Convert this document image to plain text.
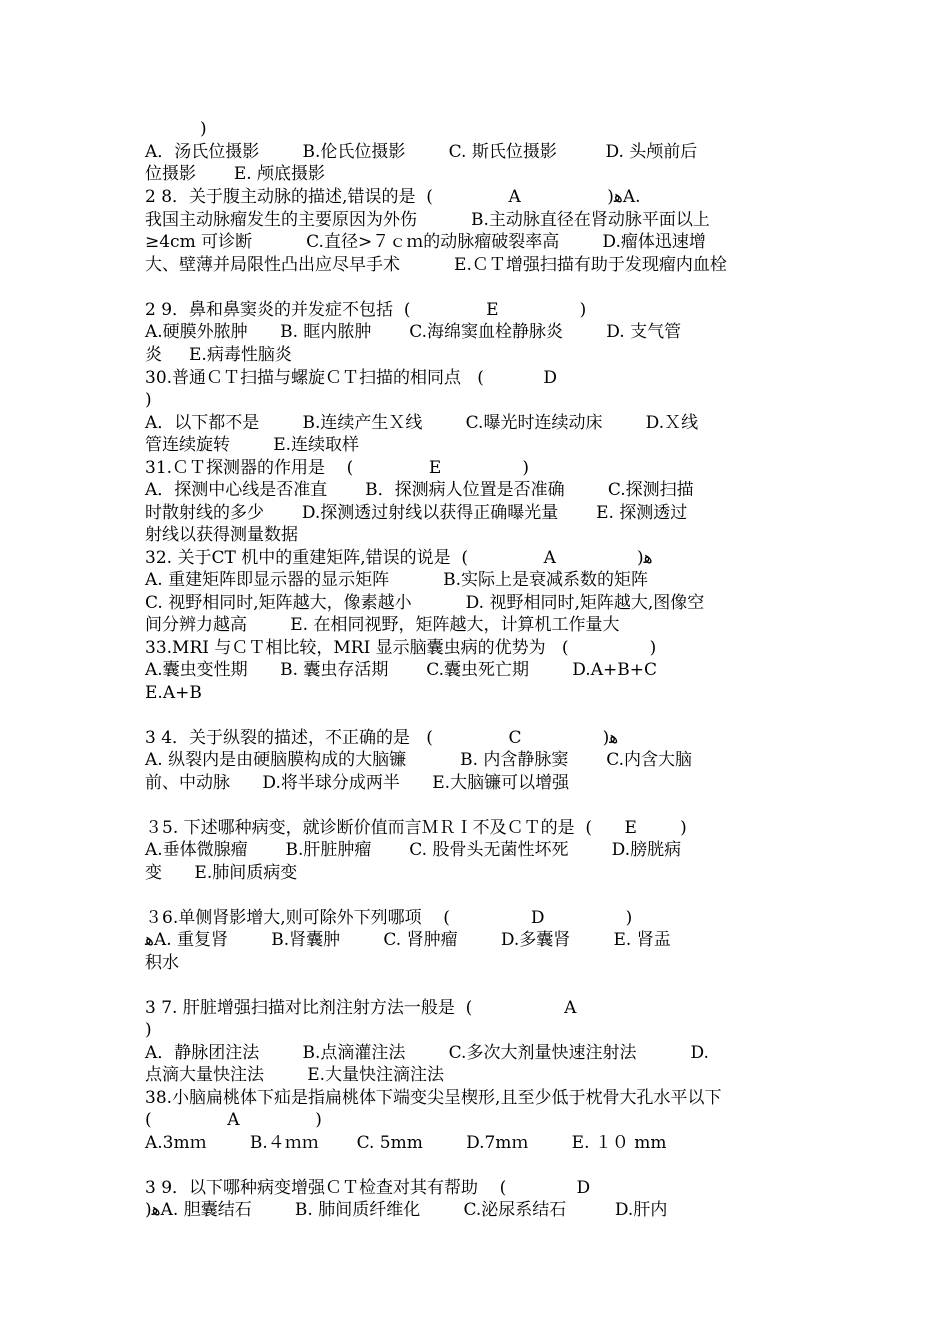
)
A．汤氏位摄影        B.伦氏位摄影        C. 斯氏位摄影         D. 头颅前后
位摄影       E. 颅底摄影
2 8．关于腹主动脉的描述,错误的是  (              A                )ﻫA.
我国主动脉瘤发生的主要原因为外伤          B.主动脉直径在肾动脉平面以上
≥4cm 可诊断          C.直径>７ｃｍ的动脉瘤破裂率高        D.瘤体迅速增
大、壁薄并局限性凸出应尽早手术          E.ＣＴ增强扫描有助于发现瘤内血栓
2 9．鼻和鼻窦炎的并发症不包括  (              E               )
A.硬膜外脓肿      B. 眶内脓肿       C.海绵窦血栓静脉炎        D. 支气管
炎     E.病毒性脑炎
30.普通ＣＴ扫描与螺旋ＣＴ扫描的相同点   (           D
)
A．以下都不是        B.连续产生Ｘ线        C.曝光时连续动床        D.Ｘ线
管连续旋转        E.连续取样
31.ＣＴ探测器的作用是    (              E               )
A．探测中心线是否准直       B．探测病人位置是否准确        C.探测扫描
时散射线的多少       D.探测透过射线以获得正确曝光量       E. 探测透过
射线以获得测量数据
32. 关于CT 机中的重建矩阵,错误的说是  (              A               )ﻫ
A. 重建矩阵即显示器的显示矩阵          B.实际上是衰减系数的矩阵
C. 视野相同时,矩阵越大，像素越小          D. 视野相同时,矩阵越大,图像空
间分辨力越高        E. 在相同视野，矩阵越大，计算机工作量大
33.MRI 与ＣＴ相比较，MRI 显示脑囊虫病的优势为   (               )
A.囊虫变性期      B. 囊虫存活期       C.囊虫死亡期        D.A+B+C
E.A+B
3 4．关于纵裂的描述，不正确的是   (              C               )ﻫ
A. 纵裂内是由硬脑膜构成的大脑镰          B. 内含静脉窦       C.内含大脑
前、中动脉      D.将半球分成两半      E.大脑镰可以增强
３5. 下述哪种病变，就诊断价值而言ＭＲＩ不及ＣＴ的是  (      E        )
A.垂体微腺瘤       B.肝脏肿瘤       C. 股骨头无菌性坏死        D.膀胱病
变      E.肺间质病变
３6.单侧肾影增大,则可除外下列哪项    (               D               )
ﻫA. 重复肾        B.肾囊肿        C. 肾肿瘤        D.多囊肾        E. 肾盂
积水
3 7. 肝脏增强扫描对比剂注射方法一般是  (                 A
)
A．静脉团注法        B.点滴灌注法        C.多次大剂量快速注射法          D.
点滴大量快注法        E.大量快注滴注法
38.小脑扁桃体下疝是指扁桃体下端变尖呈楔形,且至少低于枕骨大孔水平以下
(              A              )
A.3mｍ        B.４ｍｍ       C. 5mm        D.7mｍ        E. １０ mm
3 9．以下哪种病变增强ＣＴ检查对其有帮助    (             D
)ﻫA. 胆囊结石        B. 肺间质纤维化        C.泌尿系结石         D.肝内
